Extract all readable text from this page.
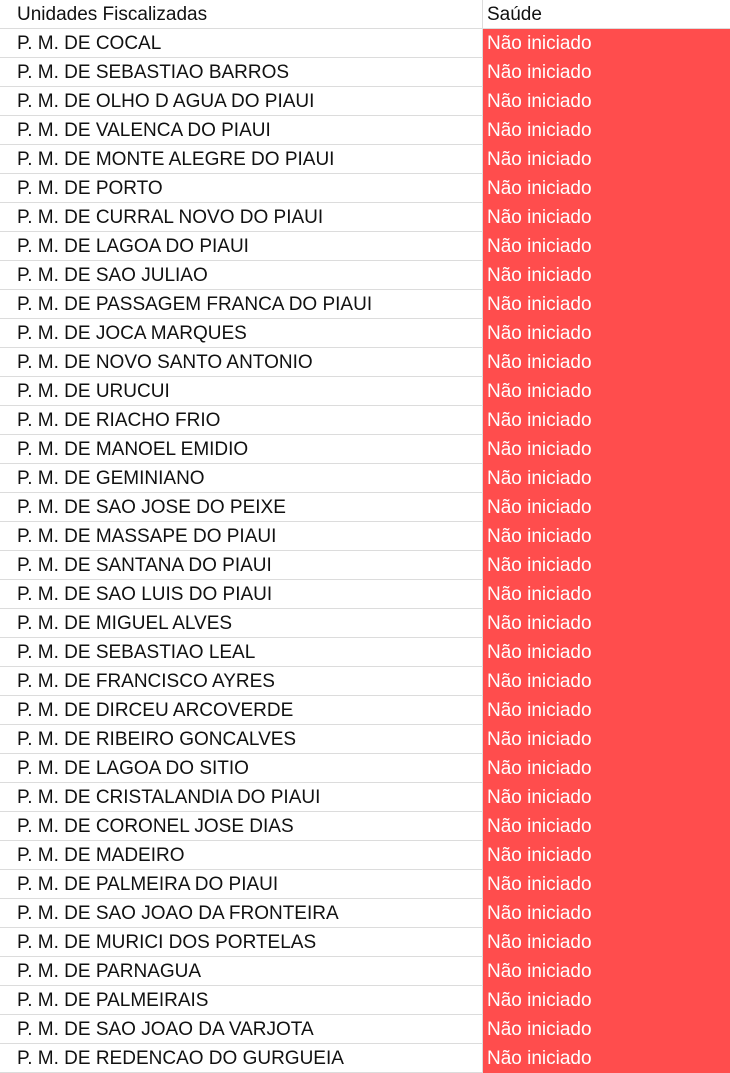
Unidades Fiscalizadas	Saúde
P. M. DE COCAL	Não iniciado
P. M. DE SEBASTIAO BARROS	Não iniciado
P. M. DE OLHO D AGUA DO PIAUI	Não iniciado
P. M. DE VALENCA DO PIAUI	Não iniciado
P. M. DE MONTE ALEGRE DO PIAUI	Não iniciado
P. M. DE PORTO	Não iniciado
P. M. DE CURRAL NOVO DO PIAUI	Não iniciado
P. M. DE LAGOA DO PIAUI	Não iniciado
P. M. DE SAO JULIAO	Não iniciado
P. M. DE PASSAGEM FRANCA DO PIAUI	Não iniciado
P. M. DE JOCA MARQUES	Não iniciado
P. M. DE NOVO SANTO ANTONIO	Não iniciado
P. M. DE URUCUI	Não iniciado
P. M. DE RIACHO FRIO	Não iniciado
P. M. DE MANOEL EMIDIO	Não iniciado
P. M. DE GEMINIANO	Não iniciado
P. M. DE SAO JOSE DO PEIXE	Não iniciado
P. M. DE MASSAPE DO PIAUI	Não iniciado
P. M. DE SANTANA DO PIAUI	Não iniciado
P. M. DE SAO LUIS DO PIAUI	Não iniciado
P. M. DE MIGUEL ALVES	Não iniciado
P. M. DE SEBASTIAO LEAL	Não iniciado
P. M. DE FRANCISCO AYRES	Não iniciado
P. M. DE DIRCEU ARCOVERDE	Não iniciado
P. M. DE RIBEIRO GONCALVES	Não iniciado
P. M. DE LAGOA DO SITIO	Não iniciado
P. M. DE CRISTALANDIA DO PIAUI	Não iniciado
P. M. DE CORONEL JOSE DIAS	Não iniciado
P. M. DE MADEIRO	Não iniciado
P. M. DE PALMEIRA DO PIAUI	Não iniciado
P. M. DE SAO JOAO DA FRONTEIRA	Não iniciado
P. M. DE MURICI DOS PORTELAS	Não iniciado
P. M. DE PARNAGUA	Não iniciado
P. M. DE PALMEIRAIS	Não iniciado
P. M. DE SAO JOAO DA VARJOTA	Não iniciado
P. M. DE REDENCAO DO GURGUEIA	Não iniciado
